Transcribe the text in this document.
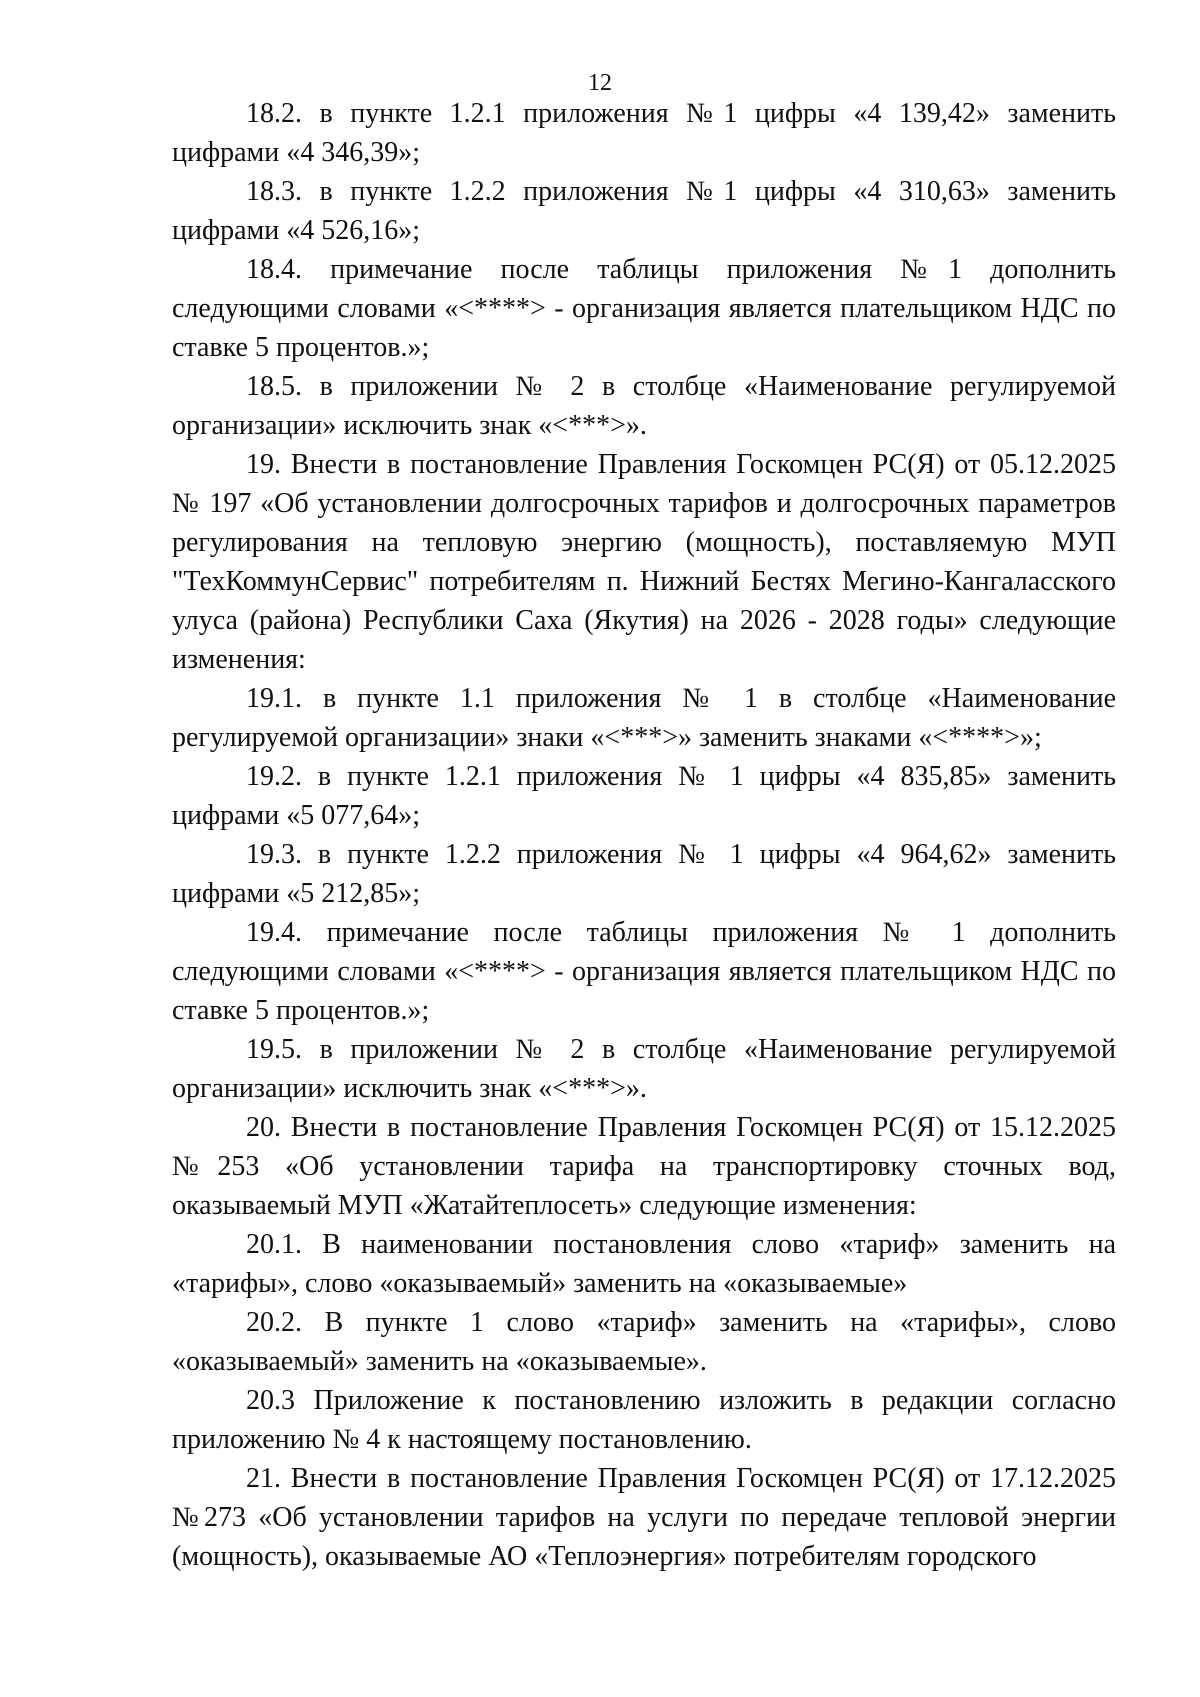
12

18.2. в пункте 1.2.1 приложения №1 цифры «4 139,42» заменить цифрами «4 346,39»;

18.3. в пункте 1.2.2 приложения №1 цифры «4 310,63» заменить цифрами «4 526,16»;

18.4. примечание после таблицы приложения №1 дополнить следующими словами «<****> - организация является плательщиком НДС по ставке 5 процентов.»;

18.5. в приложении № 2 в столбце «Наименование регулируемой организации» исключить знак «<***>».

19. Внести в постановление Правления Госкомцен РС(Я) от 05.12.2025 № 197 «Об установлении долгосрочных тарифов и долгосрочных параметров регулирования на тепловую энергию (мощность), поставляемую МУП "ТехКоммунСервис" потребителям п. Нижний Бестях Мегино-Кангаласского улуса (района) Республики Саха (Якутия) на 2026 - 2028 годы» следующие изменения:

19.1. в пункте 1.1 приложения № 1 в столбце «Наименование регулируемой организации» знаки «<***>» заменить знаками «<****>»;

19.2. в пункте 1.2.1 приложения № 1 цифры «4 835,85» заменить цифрами «5 077,64»;

19.3. в пункте 1.2.2 приложения № 1 цифры «4 964,62» заменить цифрами «5 212,85»;

19.4. примечание после таблицы приложения № 1 дополнить следующими словами «<****> - организация является плательщиком НДС по ставке 5 процентов.»;

19.5. в приложении № 2 в столбце «Наименование регулируемой организации» исключить знак «<***>».

20. Внести в постановление Правления Госкомцен РС(Я) от 15.12.2025 №253 «Об установлении тарифа на транспортировку сточных вод, оказываемый МУП «Жатайтеплосеть» следующие изменения:

20.1. В наименовании постановления слово «тариф» заменить на «тарифы», слово «оказываемый» заменить на «оказываемые»

20.2. В пункте 1 слово «тариф» заменить на «тарифы», слово «оказываемый» заменить на «оказываемые».

20.3 Приложение к постановлению изложить в редакции согласно приложению № 4 к настоящему постановлению.

21. Внести в постановление Правления Госкомцен РС(Я) от 17.12.2025 №273 «Об установлении тарифов на услуги по передаче тепловой энергии (мощность), оказываемые АО «Теплоэнергия» потребителям городского
